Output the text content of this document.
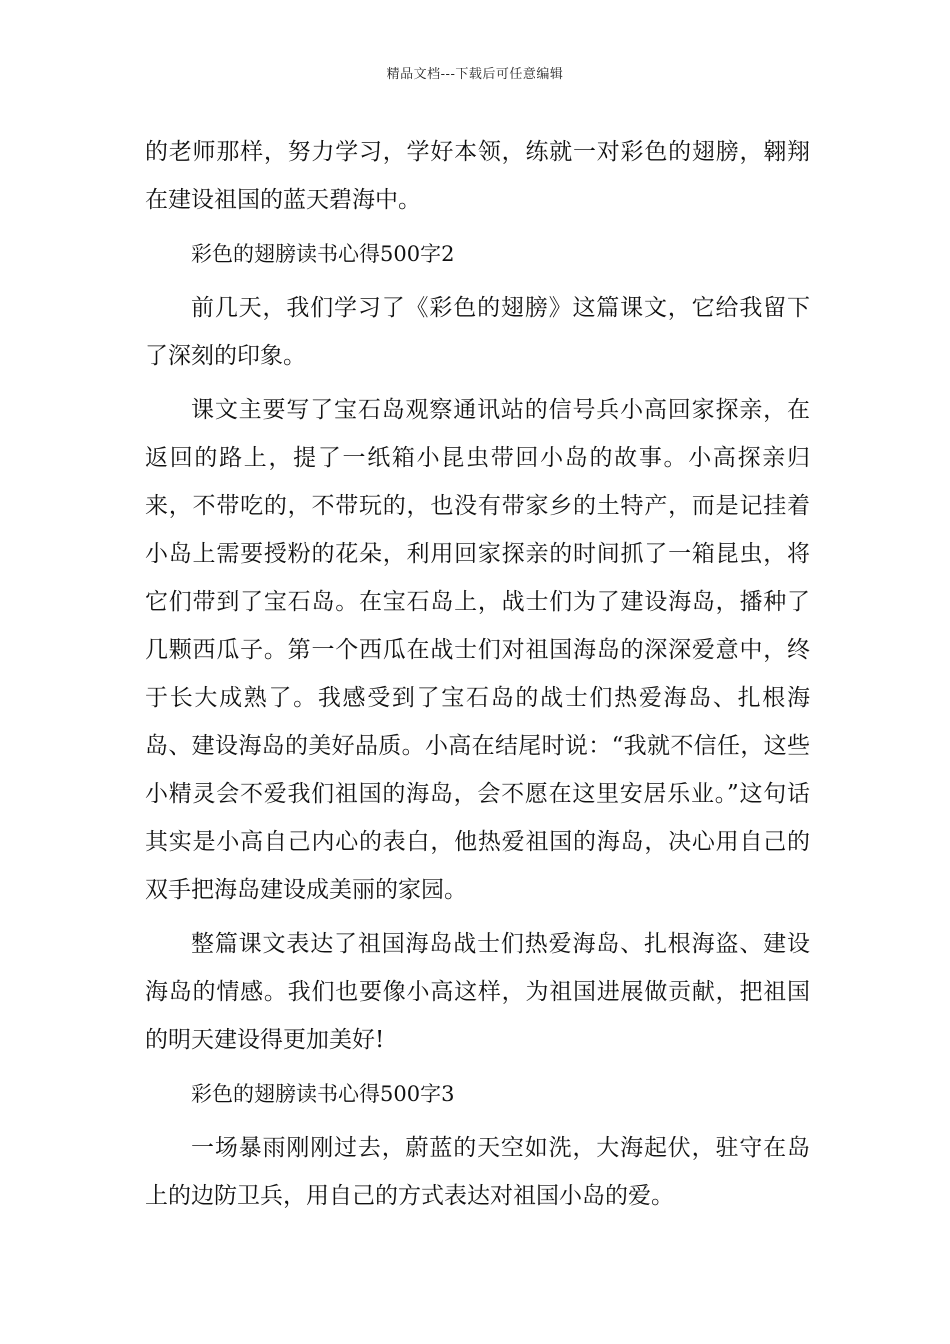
精品文档---下载后可任意编辑

的老师那样，努力学习，学好本领，练就一对彩色的翅膀，翱翔在建设祖国的蓝天碧海中。

彩色的翅膀读书心得500字2

前几天，我们学习了《彩色的翅膀》这篇课文，它给我留下了深刻的印象。

课文主要写了宝石岛观察通讯站的信号兵小高回家探亲，在返回的路上，提了一纸箱小昆虫带回小岛的故事。小高探亲归来，不带吃的，不带玩的，也没有带家乡的土特产，而是记挂着小岛上需要授粉的花朵，利用回家探亲的时间抓了一箱昆虫，将它们带到了宝石岛。在宝石岛上，战士们为了建设海岛，播种了几颗西瓜子。第一个西瓜在战士们对祖国海岛的深深爱意中，终于长大成熟了。我感受到了宝石岛的战士们热爱海岛、扎根海岛、建设海岛的美好品质。小高在结尾时说：“我就不信任，这些小精灵会不爱我们祖国的海岛，会不愿在这里安居乐业。”这句话其实是小高自己内心的表白，他热爱祖国的海岛，决心用自己的双手把海岛建设成美丽的家园。

整篇课文表达了祖国海岛战士们热爱海岛、扎根海盗、建设海岛的情感。我们也要像小高这样，为祖国进展做贡献，把祖国的明天建设得更加美好!

彩色的翅膀读书心得500字3

一场暴雨刚刚过去，蔚蓝的天空如洗，大海起伏，驻守在岛上的边防卫兵，用自己的方式表达对祖国小岛的爱。
